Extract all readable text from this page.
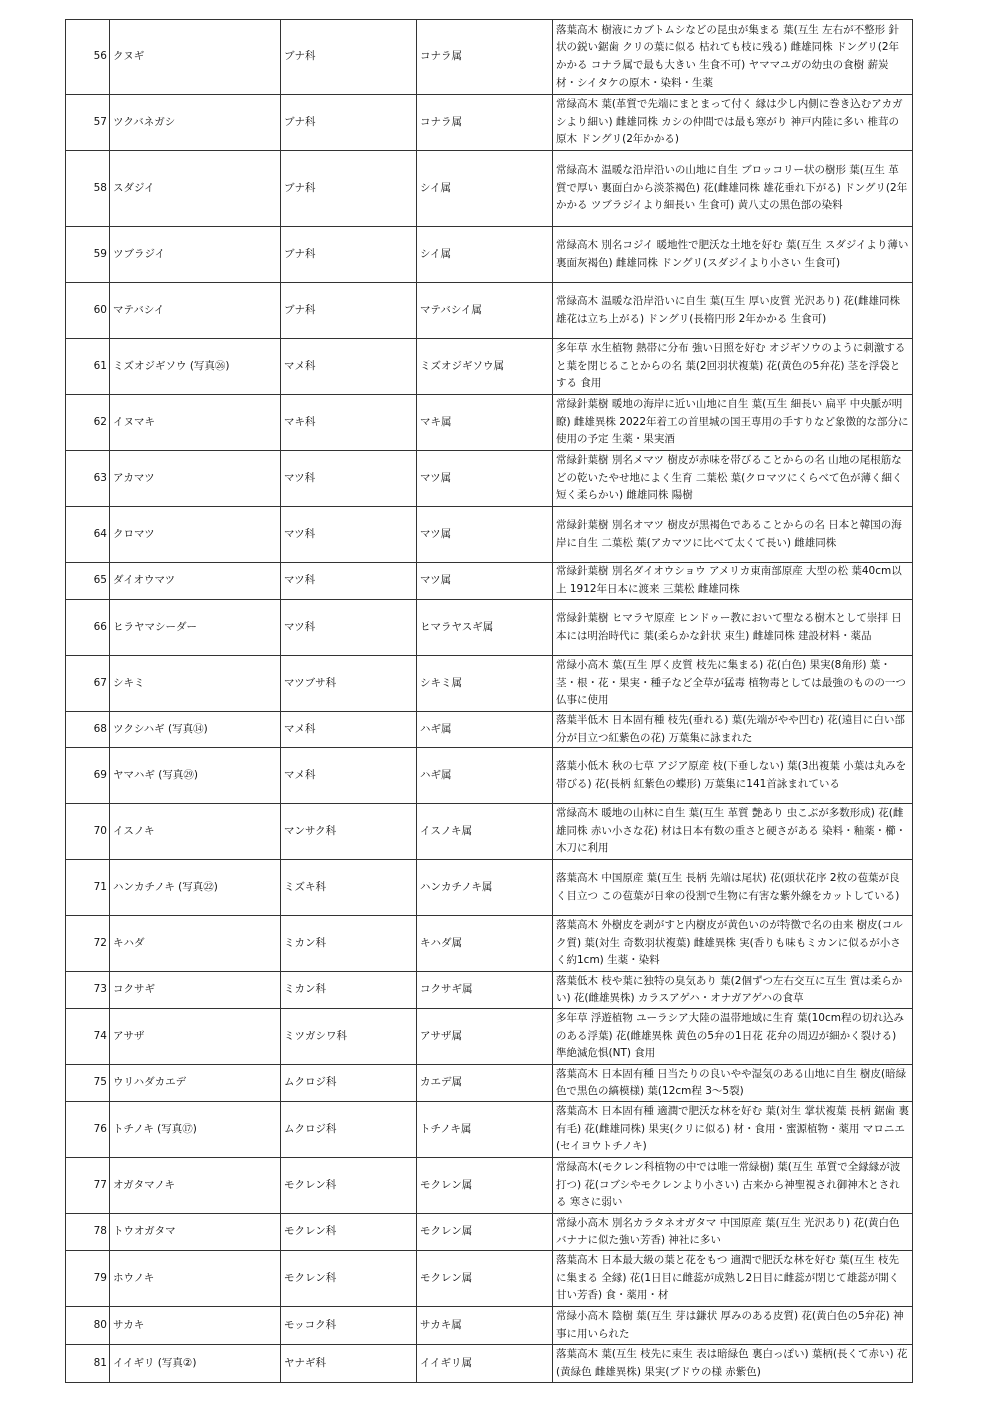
56	クヌギ	ブナ科	コナラ属	落葉高木 樹液にカブトムシなどの昆虫が集まる 葉(互生 左右が不整形 針状の鋭い鋸歯 クリの葉に似る 枯れても枝に残る) 雌雄同株 ドングリ(2年かかる コナラ属で最も大きい 生食不可) ヤママユガの幼虫の食樹 薪炭材・シイタケの原木・染料・生薬
57	ツクバネガシ	ブナ科	コナラ属	常緑高木 葉(革質で先端にまとまって付く 縁は少し内側に巻き込むアカガシより細い) 雌雄同株 カシの仲間では最も寒がり 神戸内陸に多い 椎茸の原木 ドングリ(2年かかる)
58	スダジイ	ブナ科	シイ属	常緑高木 温暖な沿岸沿いの山地に自生 ブロッコリー状の樹形 葉(互生 革質で厚い 裏面白から淡茶褐色) 花(雌雄同株 雄花垂れ下がる) ドングリ(2年かかる ツブラジイより細長い 生食可) 黄八丈の黒色部の染料
59	ツブラジイ	ブナ科	シイ属	常緑高木 別名コジイ 暖地性で肥沃な土地を好む 葉(互生 スダジイより薄い 裏面灰褐色) 雌雄同株 ドングリ(スダジイより小さい 生食可)
60	マテバシイ	ブナ科	マテバシイ属	常緑高木 温暖な沿岸沿いに自生 葉(互生 厚い皮質 光沢あり) 花(雌雄同株 雄花は立ち上がる) ドングリ(長楕円形 2年かかる 生食可)
61	ミズオジギソウ (写真㉖)	マメ科	ミズオジギソウ属	多年草 水生植物 熱帯に分布 強い日照を好む オジギソウのように刺激すると葉を閉じることからの名 葉(2回羽状複葉) 花(黄色の5弁花) 茎を浮袋とする 食用
62	イヌマキ	マキ科	マキ属	常緑針葉樹 暖地の海岸に近い山地に自生 葉(互生 細長い 扁平 中央脈が明瞭) 雌雄異株 2022年着工の首里城の国王専用の手すりなど象徴的な部分に使用の予定 生薬・果実酒
63	アカマツ	マツ科	マツ属	常緑針葉樹 別名メマツ 樹皮が赤味を帯びることからの名 山地の尾根筋などの乾いたやせ地によく生育 二葉松 葉(クロマツにくらべて色が薄く細く短く柔らかい) 雌雄同株 陽樹
64	クロマツ	マツ科	マツ属	常緑針葉樹 別名オマツ 樹皮が黒褐色であることからの名 日本と韓国の海岸に自生 二葉松 葉(アカマツに比べて太くて長い) 雌雄同株
65	ダイオウマツ	マツ科	マツ属	常緑針葉樹 別名ダイオウショウ アメリカ東南部原産 大型の松 葉40cm以上 1912年日本に渡来 三葉松 雌雄同株
66	ヒラヤマシーダー	マツ科	ヒマラヤスギ属	常緑針葉樹 ヒマラヤ原産 ヒンドゥー教において聖なる樹木として崇拝 日本には明治時代に 葉(柔らかな針状 束生) 雌雄同株 建設材料・薬品
67	シキミ	マツブサ科	シキミ属	常緑小高木 葉(互生 厚く皮質 枝先に集まる) 花(白色) 果実(8角形) 葉・茎・根・花・果実・種子など全草が猛毒 植物毒としては最強のものの一つ 仏事に使用
68	ツクシハギ (写真⑭)	マメ科	ハギ属	落葉半低木 日本固有種 枝先(垂れる) 葉(先端がやや凹む) 花(遠目に白い部分が目立つ紅紫色の花) 万葉集に詠まれた
69	ヤマハギ (写真㉙)	マメ科	ハギ属	落葉小低木 秋の七草 アジア原産 枝(下垂しない) 葉(3出複葉 小葉は丸みを帯びる) 花(長柄 紅紫色の蝶形) 万葉集に141首詠まれている
70	イスノキ	マンサク科	イスノキ属	常緑高木 暖地の山林に自生 葉(互生 革質 艶あり 虫こぶが多数形成) 花(雌雄同株 赤い小さな花) 材は日本有数の重さと硬さがある 染料・釉薬・櫛・木刀に利用
71	ハンカチノキ (写真㉒)	ミズキ科	ハンカチノキ属	落葉高木 中国原産 葉(互生 長柄 先端は尾状) 花(頭状花序 2枚の苞葉が良く目立つ この苞葉が日傘の役割で生物に有害な紫外線をカットしている)
72	キハダ	ミカン科	キハダ属	落葉高木 外樹皮を剥がすと内樹皮が黄色いのが特徴で名の由来 樹皮(コルク質) 葉(対生 奇数羽状複葉) 雌雄異株 実(香りも味もミカンに似るが小さく約1cm) 生薬・染料
73	コクサギ	ミカン科	コクサギ属	落葉低木 枝や葉に独特の臭気あり 葉(2個ずつ左右交互に互生 質は柔らかい) 花(雌雄異株) カラスアゲハ・オナガアゲハの食草
74	アサザ	ミツガシワ科	アサザ属	多年草 浮遊植物 ユーラシア大陸の温帯地域に生育 葉(10cm程の切れ込みのある浮葉) 花(雌雄異株 黄色の5弁の1日花 花弁の周辺が細かく裂ける) 準絶滅危惧(NT) 食用
75	ウリハダカエデ	ムクロジ科	カエデ属	落葉高木 日本固有種 日当たりの良いやや湿気のある山地に自生 樹皮(暗緑色で黒色の縞模様) 葉(12cm程 3〜5裂)
76	トチノキ (写真⑰)	ムクロジ科	トチノキ属	落葉高木 日本固有種 適潤で肥沃な林を好む 葉(対生 掌状複葉 長柄 鋸歯 裏有毛) 花(雌雄同株) 果実(クリに似る) 材・食用・蜜源植物・薬用 マロニエ(セイヨウトチノキ)
77	オガタマノキ	モクレン科	モクレン属	常緑高木(モクレン科植物の中では唯一常緑樹) 葉(互生 革質で全縁縁が波打つ) 花(コブシやモクレンより小さい) 古来から神聖視され御神木とされる 寒さに弱い
78	トウオガタマ	モクレン科	モクレン属	常緑小高木 別名カラタネオガタマ 中国原産 葉(互生 光沢あり) 花(黄白色 バナナに似た強い芳香) 神社に多い
79	ホウノキ	モクレン科	モクレン属	落葉高木 日本最大級の葉と花をもつ 適潤で肥沃な林を好む 葉(互生 枝先に集まる 全縁) 花(1日目に雌蕊が成熟し2日目に雌蕊が閉じて雄蕊が開く 甘い芳香) 食・薬用・材
80	サカキ	モッコク科	サカキ属	常緑小高木 陰樹 葉(互生 芽は鎌状 厚みのある皮質) 花(黄白色の5弁花) 神事に用いられた
81	イイギリ (写真②)	ヤナギ科	イイギリ属	落葉高木 葉(互生 枝先に束生 表は暗緑色 裏白っぽい) 葉柄(長くて赤い) 花(黄緑色 雌雄異株) 果実(ブドウの様 赤紫色)
